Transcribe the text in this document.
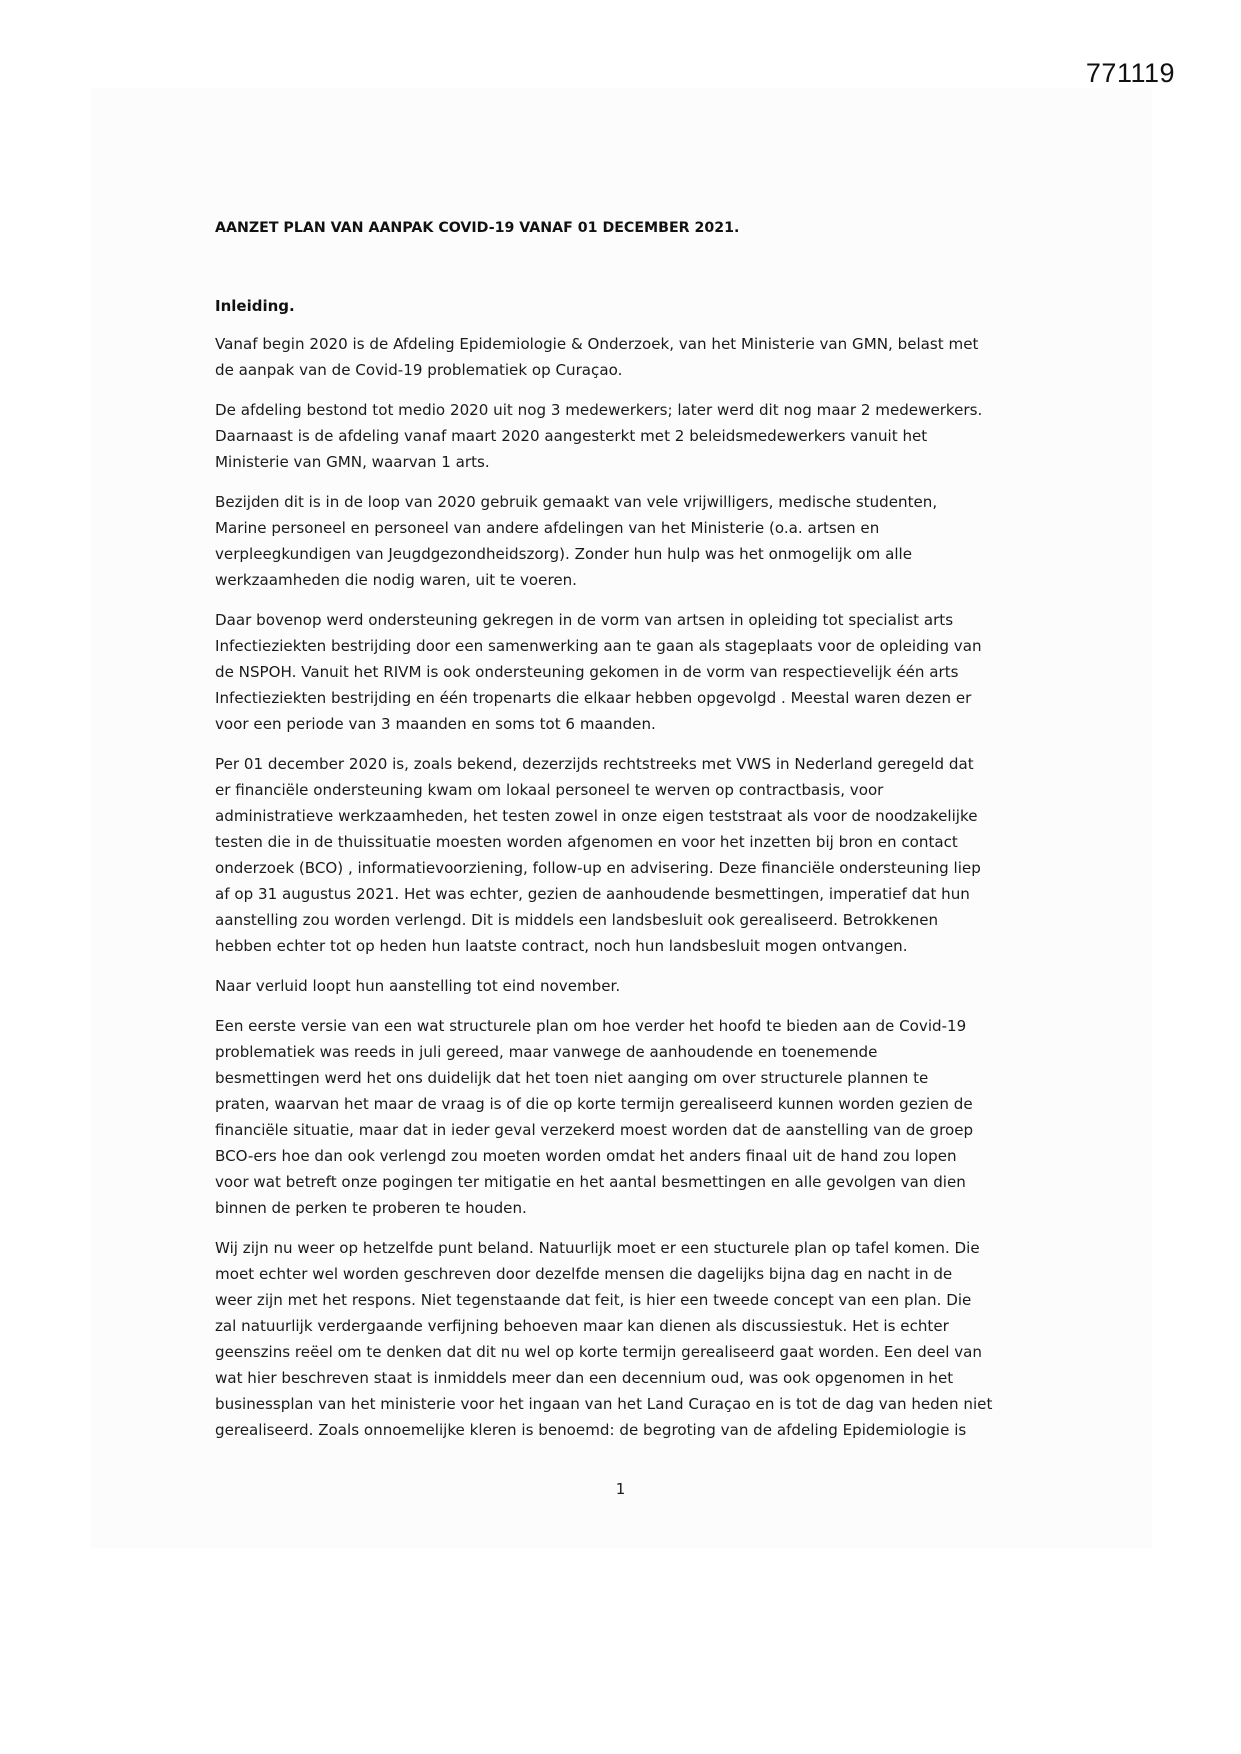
771119
AANZET PLAN VAN AANPAK COVID-19 VANAF 01 DECEMBER 2021.
Inleiding.

Vanaf begin 2020 is de Afdeling Epidemiologie & Onderzoek, van het Ministerie van GMN, belast met
de aanpak van de Covid-19 problematiek op Curaçao.

De afdeling bestond tot medio 2020 uit nog 3 medewerkers; later werd dit nog maar 2 medewerkers.
Daarnaast is de afdeling vanaf maart 2020 aangesterkt met 2 beleidsmedewerkers vanuit het
Ministerie van GMN, waarvan 1 arts.

Bezijden dit is in de loop van 2020 gebruik gemaakt van vele vrijwilligers, medische studenten,
Marine personeel en personeel van andere afdelingen van het Ministerie (o.a. artsen en
verpleegkundigen van Jeugdgezondheidszorg). Zonder hun hulp was het onmogelijk om alle
werkzaamheden die nodig waren, uit te voeren.

Daar bovenop werd ondersteuning gekregen in de vorm van artsen in opleiding tot specialist arts
Infectieziekten bestrijding door een samenwerking aan te gaan als stageplaats voor de opleiding van
de NSPOH. Vanuit het RIVM is ook ondersteuning gekomen in de vorm van respectievelijk één arts
Infectieziekten bestrijding en één tropenarts die elkaar hebben opgevolgd . Meestal waren dezen er
voor een periode van 3 maanden en soms tot 6 maanden.

Per 01 december 2020 is, zoals bekend, dezerzijds rechtstreeks met VWS in Nederland geregeld dat
er financiële ondersteuning kwam om lokaal personeel te werven op contractbasis, voor
administratieve werkzaamheden, het testen zowel in onze eigen teststraat als voor de noodzakelijke
testen die in de thuissituatie moesten worden afgenomen en voor het inzetten bij bron en contact
onderzoek (BCO) , informatievoorziening, follow-up en advisering. Deze financiële ondersteuning liep
af op 31 augustus 2021. Het was echter, gezien de aanhoudende besmettingen, imperatief dat hun
aanstelling zou worden verlengd. Dit is middels een landsbesluit ook gerealiseerd. Betrokkenen
hebben echter tot op heden hun laatste contract, noch hun landsbesluit mogen ontvangen.

Naar verluid loopt hun aanstelling tot eind november.

Een eerste versie van een wat structurele plan om hoe verder het hoofd te bieden aan de Covid-19
problematiek was reeds in juli gereed, maar vanwege de aanhoudende en toenemende
besmettingen werd het ons duidelijk dat het toen niet aanging om over structurele plannen te
praten, waarvan het maar de vraag is of die op korte termijn gerealiseerd kunnen worden gezien de
financiële situatie, maar dat in ieder geval verzekerd moest worden dat de aanstelling van de groep
BCO-ers hoe dan ook verlengd zou moeten worden omdat het anders finaal uit de hand zou lopen
voor wat betreft onze pogingen ter mitigatie en het aantal besmettingen en alle gevolgen van dien
binnen de perken te proberen te houden.

Wij zijn nu weer op hetzelfde punt beland. Natuurlijk moet er een stucturele plan op tafel komen. Die
moet echter wel worden geschreven door dezelfde mensen die dagelijks bijna dag en nacht in de
weer zijn met het respons. Niet tegenstaande dat feit, is hier een tweede concept van een plan. Die
zal natuurlijk verdergaande verfijning behoeven maar kan dienen als discussiestuk. Het is echter
geenszins reëel om te denken dat dit nu wel op korte termijn gerealiseerd gaat worden. Een deel van
wat hier beschreven staat is inmiddels meer dan een decennium oud, was ook opgenomen in het
businessplan van het ministerie voor het ingaan van het Land Curaçao en is tot de dag van heden niet
gerealiseerd. Zoals onnoemelijke kleren is benoemd: de begroting van de afdeling Epidemiologie is

1
